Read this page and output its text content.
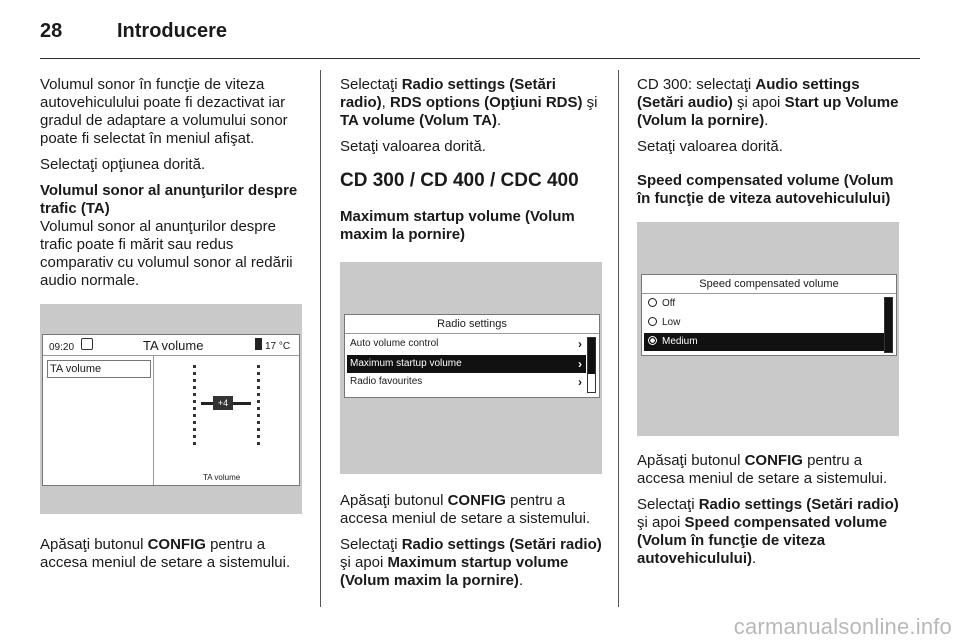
28	Introducere

Volumul sonor în funcţie de viteza autovehiculului poate fi dezactivat iar gradul de adaptare a volumului sonor poate fi selectat în meniul afişat.

Selectaţi opţiunea dorită.

Volumul sonor al anunţurilor despre trafic (TA)

Volumul sonor al anunţurilor despre trafic poate fi mărit sau redus comparativ cu volumul sonor al redării audio normale.

09:20	TA volume	17 °C
TA volume
+4
TA volume

Apăsaţi butonul CONFIG pentru a accesa meniul de setare a sistemului.

Selectaţi Radio settings (Setări radio), RDS options (Opţiuni RDS) şi TA volume (Volum TA).

Setaţi valoarea dorită.

CD 300 / CD 400 / CDC 400
Maximum startup volume (Volum maxim la pornire)
Radio settings
Auto volume control	›
Maximum startup volume	›
Radio favourites	›

Apăsaţi butonul CONFIG pentru a accesa meniul de setare a sistemului.

Selectaţi Radio settings (Setări radio) şi apoi Maximum startup volume (Volum maxim la pornire).

CD 300: selectaţi Audio settings (Setări audio) şi apoi Start up Volume (Volum la pornire).

Setaţi valoarea dorită.

Speed compensated volume (Volum în funcţie de viteza autovehiculului)
Speed compensated volume
Off
Low
Medium

Apăsaţi butonul CONFIG pentru a accesa meniul de setare a sistemului.

Selectaţi Radio settings (Setări radio) şi apoi Speed compensated volume (Volum în funcţie de viteza autovehiculului).

carmanualsonline.info
